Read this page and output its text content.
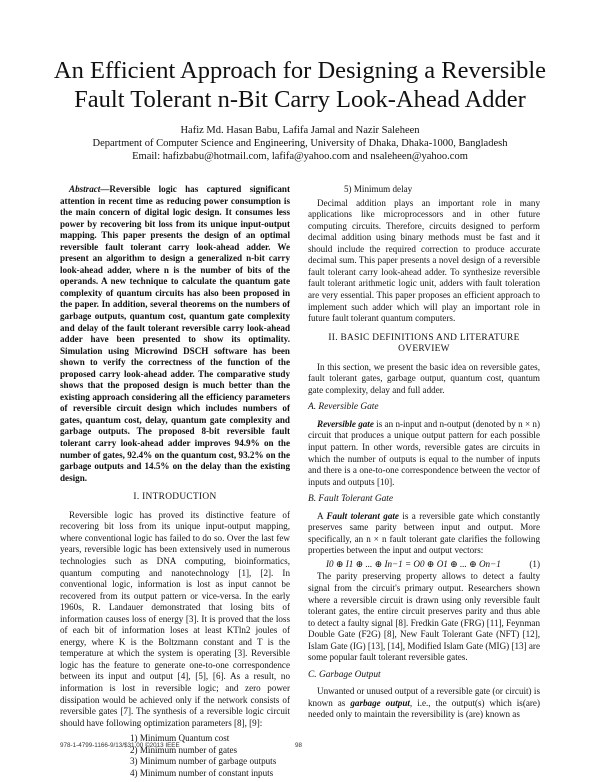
An Efficient Approach for Designing a Reversible Fault Tolerant n-Bit Carry Look-Ahead Adder
Hafiz Md. Hasan Babu, Lafifa Jamal and Nazir Saleheen
Department of Computer Science and Engineering, University of Dhaka, Dhaka-1000, Bangladesh
Email: hafizbabu@hotmail.com, lafifa@yahoo.com and nsaleheen@yahoo.com

Abstract—Reversible logic has captured significant attention in recent time as reducing power consumption is the main concern of digital logic design. It consumes less power by recovering bit loss from its unique input-output mapping. This paper presents the design of an optimal reversible fault tolerant carry look-ahead adder. We present an algorithm to design a generalized n-bit carry look-ahead adder, where n is the number of bits of the operands. A new technique to calculate the quantum gate complexity of quantum circuits has also been proposed in the paper. In addition, several theorems on the numbers of garbage outputs, quantum cost, quantum gate complexity and delay of the fault tolerant reversible carry look-ahead adder have been presented to show its optimality. Simulation using Microwind DSCH software has been shown to verify the correctness of the function of the proposed carry look-ahead adder. The comparative study shows that the proposed design is much better than the existing approach considering all the efficiency parameters of reversible circuit design which includes numbers of gates, quantum cost, delay, quantum gate complexity and garbage outputs. The proposed 8-bit reversible fault tolerant carry look-ahead adder improves 94.9% on the number of gates, 92.4% on the quantum cost, 93.2% on the garbage outputs and 14.5% on the delay than the existing design.

I. INTRODUCTION

Reversible logic has proved its distinctive feature of recovering bit loss from its unique input-output mapping, where conventional logic has failed to do so. Over the last few years, reversible logic has been extensively used in numerous technologies such as DNA computing, bioinformatics, quantum computing and nanotechnology [1], [2]. In conventional logic, information is lost as input cannot be recovered from its output pattern or vice-versa. In the early 1960s, R. Landauer demonstrated that losing bits of information causes loss of energy [3]. It is proved that the loss of each bit of information loses at least KTln2 joules of energy, where K is the Boltzmann constant and T is the temperature at which the system is operating [3]. Reversible logic has the feature to generate one-to-one correspondence between its input and output [4], [5], [6]. As a result, no information is lost in reversible logic; and zero power dissipation would be achieved only if the network consists of reversible gates [7]. The synthesis of a reversible logic circuit should have following optimization parameters [8], [9]:

1) Minimum Quantum cost
2) Minimum number of gates
3) Minimum number of garbage outputs
4) Minimum number of constant inputs
5) Minimum delay

Decimal addition plays an important role in many applications like microprocessors and in other future computing circuits. Therefore, circuits designed to perform decimal addition using binary methods must be fast and it should include the required correction to produce accurate decimal sum. This paper presents a novel design of a reversible fault tolerant carry look-ahead adder. To synthesize reversible fault tolerant arithmetic logic unit, adders with fault toleration are very essential. This paper proposes an efficient approach to implement such adder which will play an important role in future fault tolerant quantum computers.

II. BASIC DEFINITIONS AND LITERATURE OVERVIEW

In this section, we present the basic idea on reversible gates, fault tolerant gates, garbage output, quantum cost, quantum gate complexity, delay and full adder.

A. Reversible Gate

Reversible gate is an n-input and n-output (denoted by n × n) circuit that produces a unique output pattern for each possible input pattern. In other words, reversible gates are circuits in which the number of outputs is equal to the number of inputs and there is a one-to-one correspondence between the vector of inputs and outputs [10].

B. Fault Tolerant Gate

A Fault tolerant gate is a reversible gate which constantly preserves same parity between input and output. More specifically, an n × n fault tolerant gate clarifies the following properties between the input and output vectors:

I0 ⊕ I1 ⊕ ... ⊕ In−1 = O0 ⊕ O1 ⊕ ... ⊕ On−1	(1)

The parity preserving property allows to detect a faulty signal from the circuit's primary output. Researchers shown where a reversible circuit is drawn using only reversible fault tolerant gates, the entire circuit preserves parity and thus able to detect a faulty signal [8]. Fredkin Gate (FRG) [11], Feynman Double Gate (F2G) [8], New Fault Tolerant Gate (NFT) [12], Islam Gate (IG) [13], [14], Modified Islam Gate (MIG) [13] are some popular fault tolerant reversible gates.

C. Garbage Output

Unwanted or unused output of a reversible gate (or circuit) is known as garbage output, i.e., the output(s) which is(are) needed only to maintain the reversibility is (are) known as

978-1-4799-1166-9/13/$31.00 ©2013 IEEE	98
